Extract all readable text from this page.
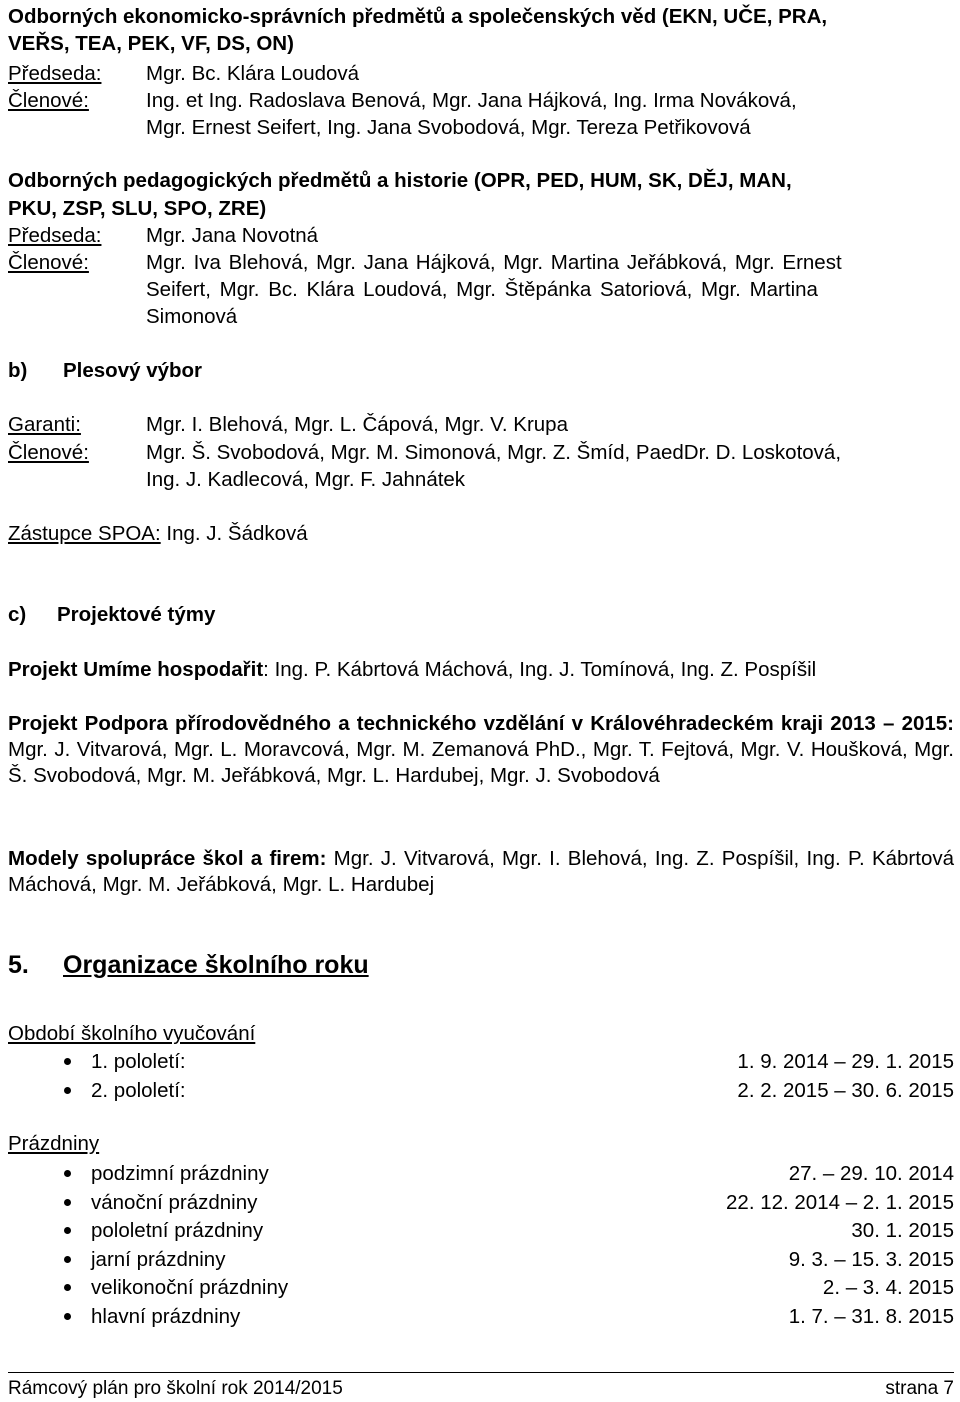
Odborných ekonomicko-správních předmětů a společenských věd (EKN, UČE, PRA,
VEŘS, TEA, PEK, VF, DS, ON)
Předseda: Mgr. Bc. Klára Loudová
Členové:	Ing. et Ing. Radoslava Benová, Mgr. Jana Hájková, Ing. Irma Nováková,
Mgr. Ernest Seifert, Ing. Jana Svobodová, Mgr. Tereza Petřikovová
Odborných pedagogických předmětů a historie (OPR, PED, HUM, SK, DĚJ, MAN,
PKU, ZSP, SLU, SPO, ZRE)
Předseda: Mgr. Jana Novotná
Členové:	Mgr. Iva Blehová, Mgr. Jana Hájková, Mgr. Martina Jeřábková, Mgr. Ernest
Seifert, Mgr. Bc. Klára Loudová, Mgr. Štěpánka Satoriová, Mgr. Martina
Simonová
b) Plesový výbor
Garanti:	Mgr. I. Blehová, Mgr. L. Čápová, Mgr. V. Krupa
Členové:	Mgr. Š. Svobodová, Mgr. M. Simonová, Mgr. Z. Šmíd, PaedDr. D. Loskotová,
Ing. J. Kadlecová, Mgr. F. Jahnátek
Zástupce SPOA: Ing. J. Šádková
c) Projektové týmy
Projekt Umíme hospodařit: Ing. P. Kábrtová Máchová, Ing. J. Tomínová, Ing. Z. Pospíšil
Projekt Podpora přírodovědného a technického vzdělání v Královéhradeckém kraji 2013 – 2015: Mgr. J. Vitvarová, Mgr. L. Moravcová, Mgr. M. Zemanová PhD., Mgr. T. Fejtová, Mgr. V. Houšková, Mgr. Š. Svobodová, Mgr. M. Jeřábková, Mgr. L. Hardubej, Mgr. J. Svobodová
Modely spolupráce škol a firem: Mgr. J. Vitvarová, Mgr. I. Blehová, Ing. Z. Pospíšil, Ing. P. Kábrtová Máchová, Mgr. M. Jeřábková, Mgr. L. Hardubej
5. Organizace školního roku
Období školního vyučování
1. pololetí:	1. 9. 2014 – 29. 1. 2015
2. pololetí:	2. 2. 2015 – 30. 6. 2015
Prázdniny
podzimní prázdniny	27. – 29. 10. 2014
vánoční prázdniny	22. 12. 2014 – 2. 1. 2015
pololetní prázdniny	30. 1. 2015
jarní prázdniny	9. 3. – 15. 3. 2015
velikonoční prázdniny	2. – 3. 4. 2015
hlavní prázdniny	1. 7. – 31. 8. 2015
Rámcový plán pro školní rok 2014/2015	strana 7
